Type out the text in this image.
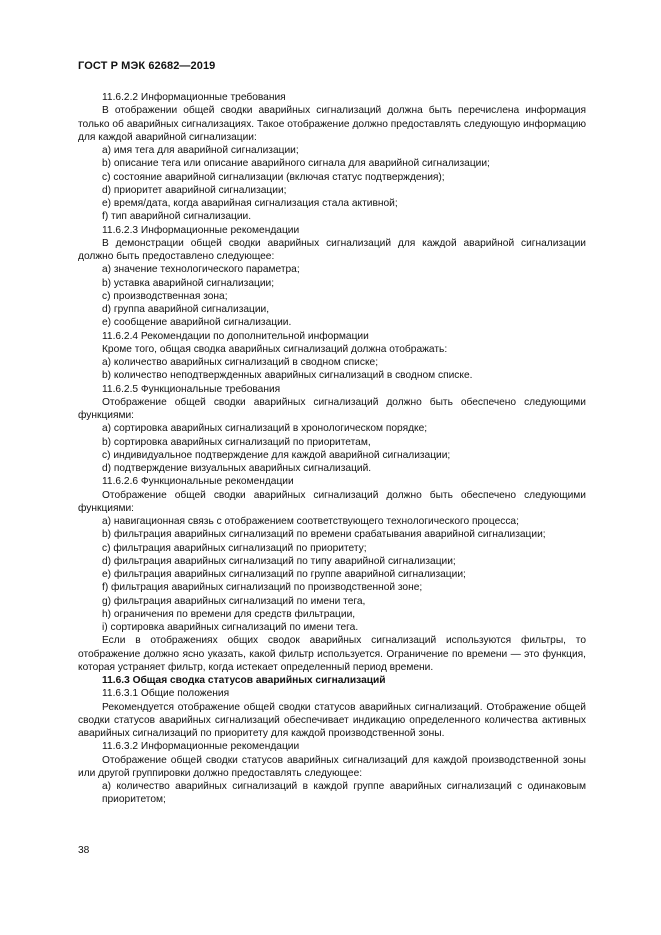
ГОСТ Р МЭК 62682—2019
11.6.2.2 Информационные требования
В отображении общей сводки аварийных сигнализаций должна быть перечислена информация только об аварийных сигнализациях. Такое отображение должно предоставлять следующую информацию для каждой аварийной сигнализации:
a) имя тега для аварийной сигнализации;
b) описание тега или описание аварийного сигнала для аварийной сигнализации;
c) состояние аварийной сигнализации (включая статус подтверждения);
d) приоритет аварийной сигнализации;
e) время/дата, когда аварийная сигнализация стала активной;
f) тип аварийной сигнализации.
11.6.2.3 Информационные рекомендации
В демонстрации общей сводки аварийных сигнализаций для каждой аварийной сигнализации должно быть предоставлено следующее:
a) значение технологического параметра;
b) уставка аварийной сигнализации;
c) производственная зона;
d) группа аварийной сигнализации,
e) сообщение аварийной сигнализации.
11.6.2.4 Рекомендации по дополнительной информации
Кроме того, общая сводка аварийных сигнализаций должна отображать:
a) количество аварийных сигнализаций в сводном списке;
b) количество неподтвержденных аварийных сигнализаций в сводном списке.
11.6.2.5 Функциональные требования
Отображение общей сводки аварийных сигнализаций должно быть обеспечено следующими функциями:
a) сортировка аварийных сигнализаций в хронологическом порядке;
b) сортировка аварийных сигнализаций по приоритетам,
c) индивидуальное подтверждение для каждой аварийной сигнализации;
d) подтверждение визуальных аварийных сигнализаций.
11.6.2.6 Функциональные рекомендации
Отображение общей сводки аварийных сигнализаций должно быть обеспечено следующими функциями:
a) навигационная связь с отображением соответствующего технологического процесса;
b) фильтрация аварийных сигнализаций по времени срабатывания аварийной сигнализации;
c) фильтрация аварийных сигнализаций по приоритету;
d) фильтрация аварийных сигнализаций по типу аварийной сигнализации;
e) фильтрация аварийных сигнализаций по группе аварийной сигнализации;
f) фильтрация аварийных сигнализаций по производственной зоне;
g) фильтрация аварийных сигнализаций по имени тега,
h) ограничения по времени для средств фильтрации,
i) сортировка аварийных сигнализаций по имени тега.
Если в отображениях общих сводок аварийных сигнализаций используются фильтры, то отображение должно ясно указать, какой фильтр используется. Ограничение по времени — это функция, которая устраняет фильтр, когда истекает определенный период времени.
11.6.3 Общая сводка статусов аварийных сигнализаций
11.6.3.1 Общие положения
Рекомендуется отображение общей сводки статусов аварийных сигнализаций. Отображение общей сводки статусов аварийных сигнализаций обеспечивает индикацию определенного количества активных аварийных сигнализаций по приоритету для каждой производственной зоны.
11.6.3.2 Информационные рекомендации
Отображение общей сводки статусов аварийных сигнализаций для каждой производственной зоны или другой группировки должно предоставлять следующее:
a) количество аварийных сигнализаций в каждой группе аварийных сигнализаций с одинаковым приоритетом;
38
